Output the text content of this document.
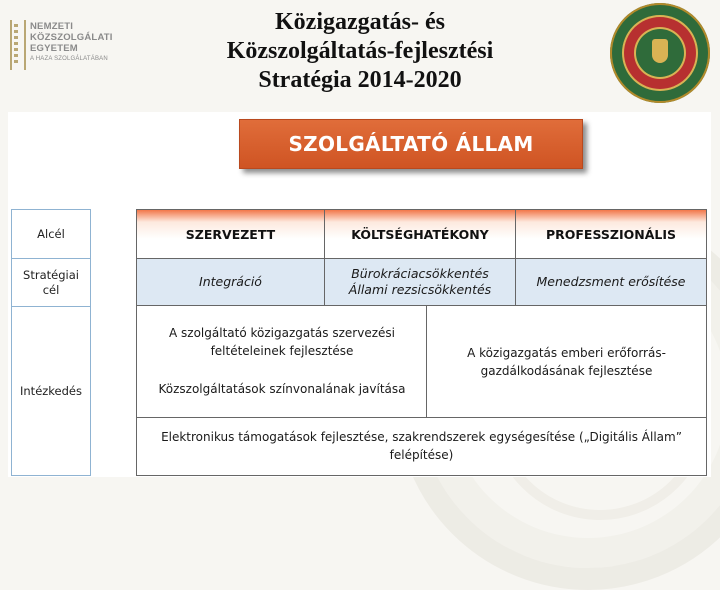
NEMZETI
KÖZSZOLGÁLATI
EGYETEM
A HAZA SZOLGÁLATÁBAN
Közigazgatás- és
Közszolgáltatás-fejlesztési
Stratégia 2014-2020
SZOLGÁLTATÓ ÁLLAM
Alcél
Stratégiai
cél
Intézkedés
SZERVEZETT	KÖLTSÉGHATÉKONY	PROFESSZIONÁLIS
Integráció
Bürokráciacsökkentés
Állami rezsicsökkentés
Menedzsment erősítése
A szolgáltató közigazgatás szervezési
feltételeinek fejlesztése
Közszolgáltatások színvonalának javítása
A közigazgatás emberi erőforrás-
gazdálkodásának fejlesztése
Elektronikus támogatások fejlesztése, szakrendszerek egységesítése („Digitális Állam”
felépítése)
